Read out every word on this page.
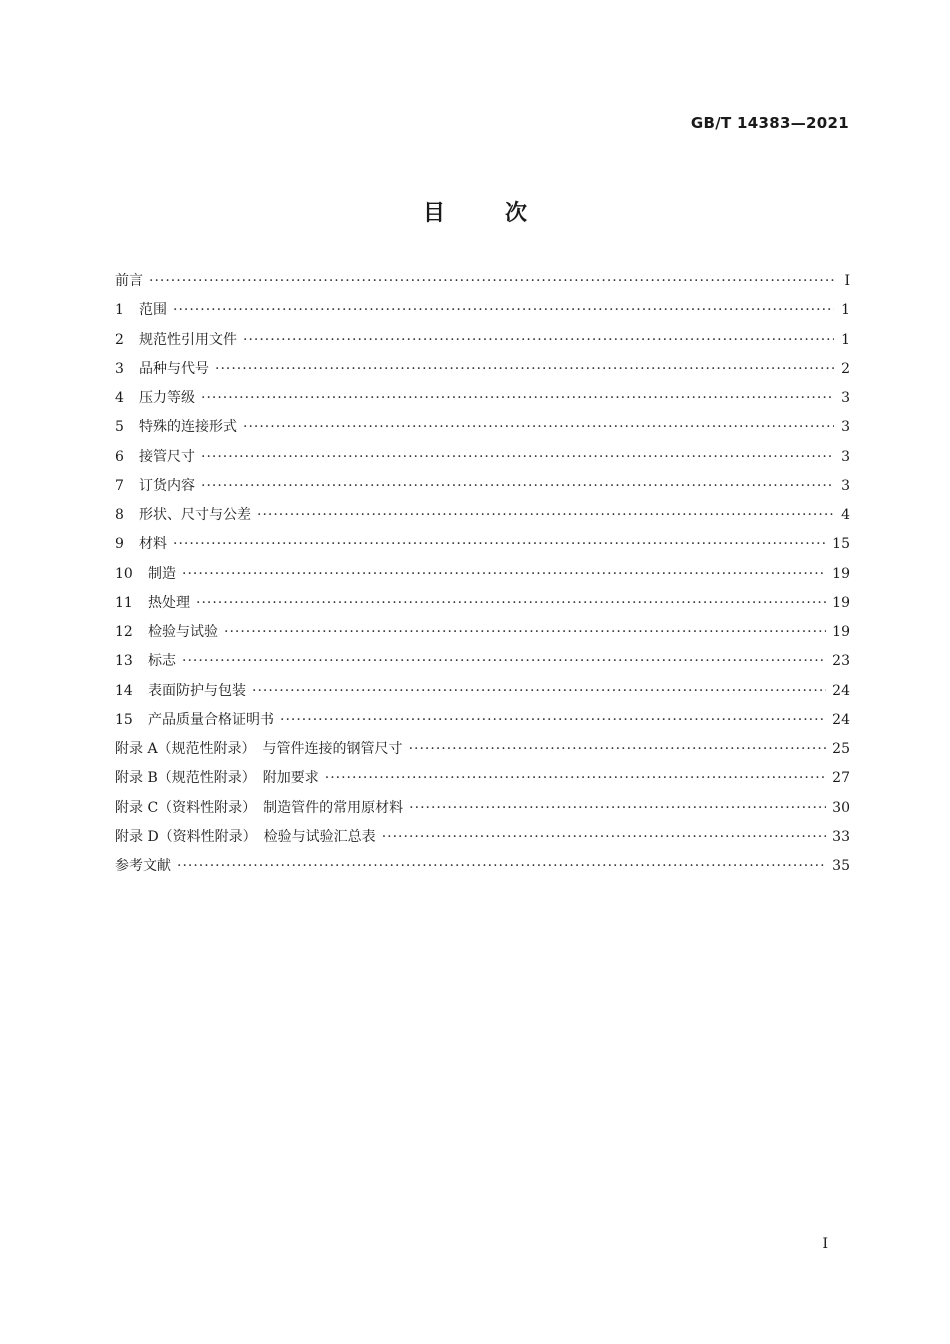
GB/T 14383—2021
目次
前言 ·····	Ⅰ
1	范围 ·····	1
2	规范性引用文件 ·····	1
3	品种与代号 ·····	2
4	压力等级 ·····	3
5	特殊的连接形式 ·····	3
6	接管尺寸 ·····	3
7	订货内容 ·····	3
8	形状、尺寸与公差 ·····	4
9	材料 ·····	15
10	制造 ·····	19
11	热处理 ·····	19
12	检验与试验 ·····	19
13	标志 ·····	23
14	表面防护与包装 ·····	24
15	产品质量合格证明书 ·····	24
附录 A（规范性附录）　与管件连接的钢管尺寸 ·····	25
附录 B（规范性附录）　附加要求 ·····	27
附录 C（资料性附录）　制造管件的常用原材料 ·····	30
附录 D（资料性附录）　检验与试验汇总表 ·····	33
参考文献 ·····	35
Ⅰ
